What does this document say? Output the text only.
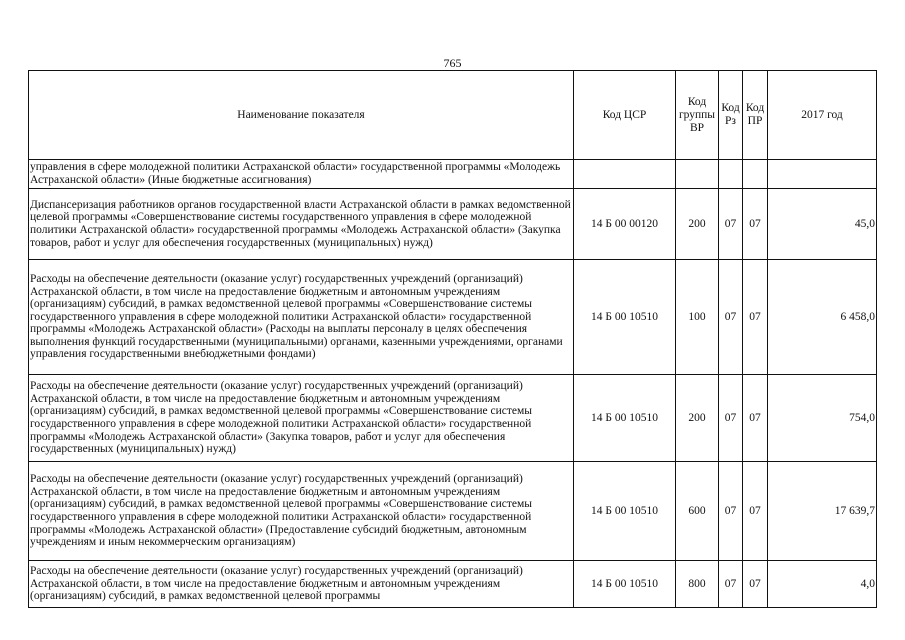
765
Наименование показателя	Код ЦСР	Код группы ВР	Код Рз	Код ПР	2017 год
управления в сфере молодежной политики Астраханской области» государственной программы «Молодежь Астраханской области» (Иные бюджетные ассигнования)					
Диспансеризация работников органов государственной власти Астраханской области в рамках ведомственной целевой программы «Совершенствование системы государственного управления в сфере молодежной политики Астраханской области» государственной программы «Молодежь Астраханской области» (Закупка товаров, работ и услуг для обеспечения государственных (муниципальных) нужд)	14 Б 00 00120	200	07	07	45,0
Расходы на обеспечение деятельности (оказание услуг) государственных учреждений (организаций) Астраханской области, в том числе на предоставление бюджетным и автономным учреждениям (организациям) субсидий, в рамках ведомственной целевой программы «Совершенствование системы государственного управления в сфере молодежной политики Астраханской области» государственной программы «Молодежь Астраханской области» (Расходы на выплаты персоналу в целях обеспечения выполнения функций государственными (муниципальными) органами, казенными учреждениями, органами управления государственными внебюджетными фондами)	14 Б 00 10510	100	07	07	6 458,0
Расходы на обеспечение деятельности (оказание услуг) государственных учреждений (организаций) Астраханской области, в том числе на предоставление бюджетным и автономным учреждениям (организациям) субсидий, в рамках ведомственной целевой программы «Совершенствование системы государственного управления в сфере молодежной политики Астраханской области» государственной программы «Молодежь Астраханской области» (Закупка товаров, работ и услуг для обеспечения государственных (муниципальных) нужд)	14 Б 00 10510	200	07	07	754,0
Расходы на обеспечение деятельности (оказание услуг) государственных учреждений (организаций) Астраханской области, в том числе на предоставление бюджетным и автономным учреждениям (организациям) субсидий, в рамках ведомственной целевой программы «Совершенствование системы государственного управления в сфере молодежной политики Астраханской области» государственной программы «Молодежь Астраханской области» (Предоставление субсидий бюджетным, автономным учреждениям и иным некоммерческим организациям)	14 Б 00 10510	600	07	07	17 639,7
Расходы на обеспечение деятельности (оказание услуг) государственных учреждений (организаций) Астраханской области, в том числе на предоставление бюджетным и автономным учреждениям (организациям) субсидий, в рамках ведомственной целевой программы	14 Б 00 10510	800	07	07	4,0
